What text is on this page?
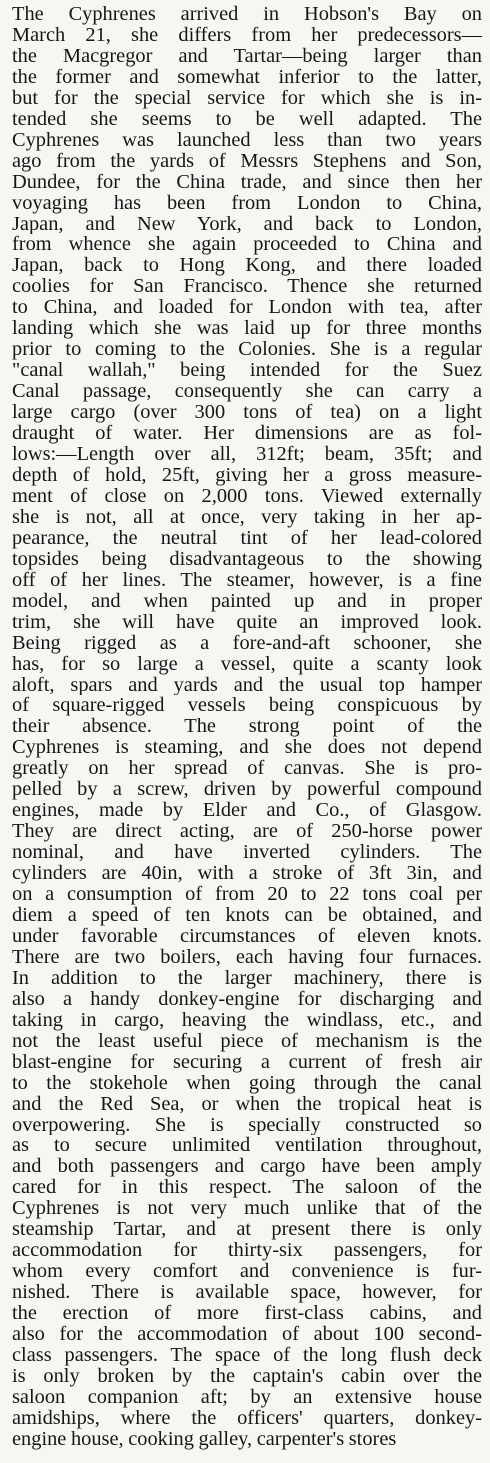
The Cyphrenes arrived in Hobson's Bay on
March 21, she differs from her predecessors—
the Macgregor and Tartar—being larger than
the former and somewhat inferior to the latter,
but for the special service for which she is in-
tended she seems to be well adapted. The
Cyphrenes was launched less than two years
ago from the yards of Messrs Stephens and Son,
Dundee, for the China trade, and since then her
voyaging has been from London to China,
Japan, and New York, and back to London,
from whence she again proceeded to China and
Japan, back to Hong Kong, and there loaded
coolies for San Francisco. Thence she returned
to China, and loaded for London with tea, after
landing which she was laid up for three months
prior to coming to the Colonies. She is a regular
"canal wallah," being intended for the Suez
Canal passage, consequently she can carry a
large cargo (over 300 tons of tea) on a light
draught of water. Her dimensions are as fol-
lows:—Length over all, 312ft; beam, 35ft; and
depth of hold, 25ft, giving her a gross measure-
ment of close on 2,000 tons. Viewed externally
she is not, all at once, very taking in her ap-
pearance, the neutral tint of her lead-colored
topsides being disadvantageous to the showing
off of her lines. The steamer, however, is a fine
model, and when painted up and in proper
trim, she will have quite an improved look.
Being rigged as a fore-and-aft schooner, she
has, for so large a vessel, quite a scanty look
aloft, spars and yards and the usual top hamper
of square-rigged vessels being conspicuous by
their absence. The strong point of the
Cyphrenes is steaming, and she does not depend
greatly on her spread of canvas. She is pro-
pelled by a screw, driven by powerful compound
engines, made by Elder and Co., of Glasgow.
They are direct acting, are of 250-horse power
nominal, and have inverted cylinders. The
cylinders are 40in, with a stroke of 3ft 3in, and
on a consumption of from 20 to 22 tons coal per
diem a speed of ten knots can be obtained, and
under favorable circumstances of eleven knots.
There are two boilers, each having four furnaces.
In addition to the larger machinery, there is
also a handy donkey-engine for discharging and
taking in cargo, heaving the windlass, etc., and
not the least useful piece of mechanism is the
blast-engine for securing a current of fresh air
to the stokehole when going through the canal
and the Red Sea, or when the tropical heat is
overpowering. She is specially constructed so
as to secure unlimited ventilation throughout,
and both passengers and cargo have been amply
cared for in this respect. The saloon of the
Cyphrenes is not very much unlike that of the
steamship Tartar, and at present there is only
accommodation for thirty-six passengers, for
whom every comfort and convenience is fur-
nished. There is available space, however, for
the erection of more first-class cabins, and
also for the accommodation of about 100 second-
class passengers. The space of the long flush deck
is only broken by the captain's cabin over the
saloon companion aft; by an extensive house
amidships, where the officers' quarters, donkey-
engine house, cooking galley, carpenter's stores
